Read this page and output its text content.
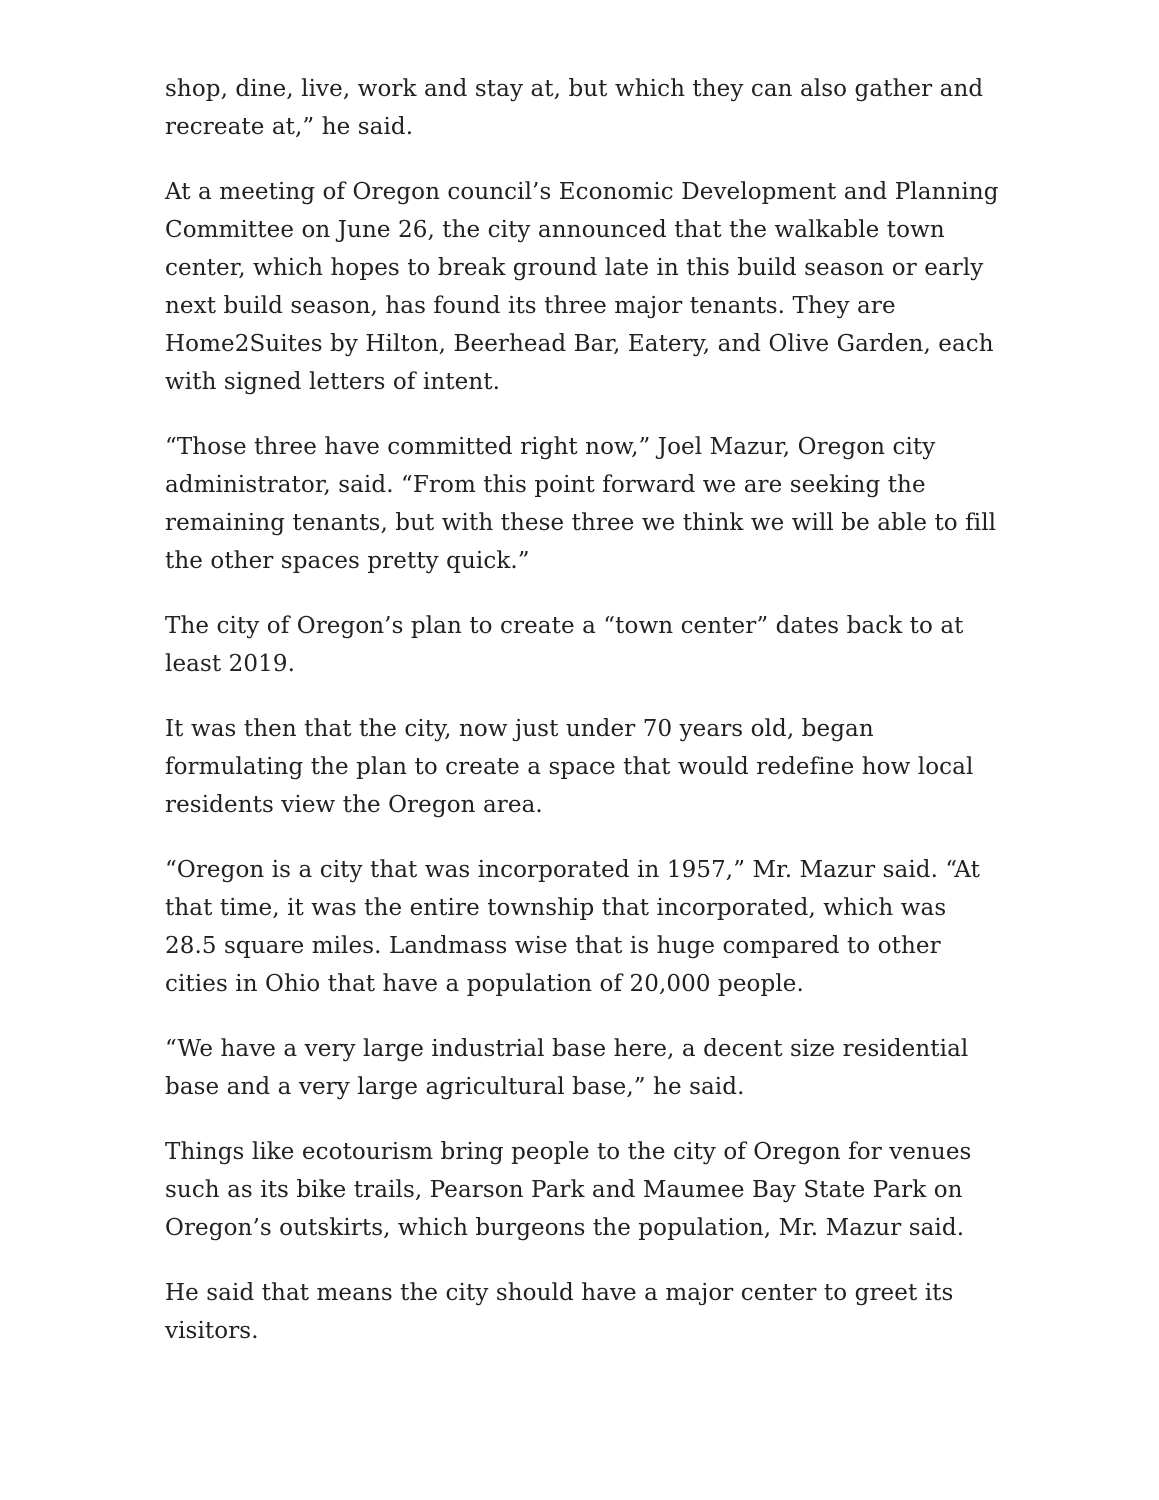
shop, dine, live, work and stay at, but which they can also gather and recreate at,” he said.

At a meeting of Oregon council’s Economic Development and Planning Committee on June 26, the city announced that the walkable town center, which hopes to break ground late in this build season or early next build season, has found its three major tenants. They are Home2Suites by Hilton, Beerhead Bar, Eatery, and Olive Garden, each with signed letters of intent.

“Those three have committed right now,” Joel Mazur, Oregon city administrator, said. “From this point forward we are seeking the remaining tenants, but with these three we think we will be able to fill the other spaces pretty quick.”

The city of Oregon’s plan to create a “town center” dates back to at least 2019.

It was then that the city, now just under 70 years old, began formulating the plan to create a space that would redefine how local residents view the Oregon area.

“Oregon is a city that was incorporated in 1957,” Mr. Mazur said. “At that time, it was the entire township that incorporated, which was 28.5 square miles. Landmass wise that is huge compared to other cities in Ohio that have a population of 20,000 people.

“We have a very large industrial base here, a decent size residential base and a very large agricultural base,” he said.

Things like ecotourism bring people to the city of Oregon for venues such as its bike trails, Pearson Park and Maumee Bay State Park on Oregon’s outskirts, which burgeons the population, Mr. Mazur said.

He said that means the city should have a major center to greet its visitors.
